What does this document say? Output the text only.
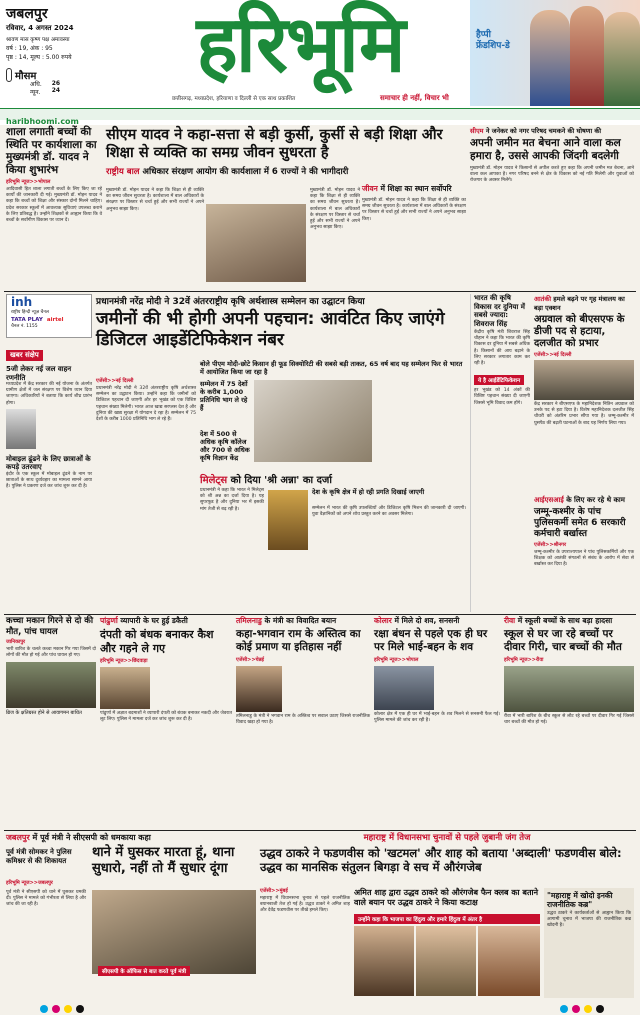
जबलपुर
रविवार, 4 अगस्त 2024
श्रावण मास कृष्ण पक्ष अमावस्या
वर्ष : 19, अंक : 95
पृष्ठ : 14, मूल्य : 5.00 रुपये
मौसम
अधि.
न्यून.
26
24
haribhoomi.com
हरिभूमि
छत्तीसगढ़, मध्यप्रदेश, हरियाणा व दिल्ली से एक साथ प्रकाशित	समाचार ही नहीं, विचार भी
हैप्पी फ्रेंडशिप-डे
शाला लगाती बच्चों की स्थिति पर कार्यशाला का मुख्यमंत्री डॉ. यादव ने किया शुभारंभ
हरिभूमि न्यूज>>भोपाल
आदिवासी हित शाला लगाती बच्चों के लिए किए जा रहे कार्यों की जानकारी दी गई। मुख्यमंत्री डॉ. मोहन यादव ने कहा कि बच्चों को शिक्षा और संस्कार दोनों मिलने चाहिए। प्रदेश सरकार स्कूलों में आवश्यक सुविधाएं उपलब्ध कराने के लिए प्रतिबद्ध है। उन्होंने शिक्षकों से आह्वान किया कि वे बच्चों के सर्वांगीण विकास पर ध्यान दें।
सीएम यादव ने कहा-सत्ता से बड़ी कुर्सी, कुर्सी से बड़ी शिक्षा और शिक्षा से व्यक्ति का समग्र जीवन सुधरता है
राष्ट्रीय बाल अधिकार संरक्षण आयोग की कार्यशाला में 6 राज्यों ने की भागीदारी
मुख्यमंत्री डॉ. मोहन यादव ने कहा कि शिक्षा से ही व्यक्ति का समग्र जीवन सुधरता है। कार्यशाला में बाल अधिकारों के संरक्षण पर विस्तार से चर्चा हुई और सभी राज्यों ने अपने अनुभव साझा किए।
मुख्यमंत्री डॉ. मोहन यादव ने कहा कि शिक्षा से ही व्यक्ति का समग्र जीवन सुधरता है। कार्यशाला में बाल अधिकारों के संरक्षण पर विस्तार से चर्चा हुई और सभी राज्यों ने अपने अनुभव साझा किए।
जीवन में शिक्षा का स्थान सर्वोपरि
मुख्यमंत्री डॉ. मोहन यादव ने कहा कि शिक्षा से ही व्यक्ति का समग्र जीवन सुधरता है। कार्यशाला में बाल अधिकारों के संरक्षण पर विस्तार से चर्चा हुई और सभी राज्यों ने अपने अनुभव साझा किए।
सीएम ने जनेकर को नगर परिषद चमकने की घोषणा की
अपनी जमीन मत बेचना आने वाला कल हमारा है, उससे आपकी जिंदगी बदलेगी
मुख्यमंत्री डॉ. मोहन यादव ने किसानों से अपील करते हुए कहा कि अपनी जमीन मत बेचना, आने वाला कल आपका है। नगर परिषद बनने से क्षेत्र के विकास को नई गति मिलेगी और युवाओं को रोजगार के अवसर मिलेंगे।
inh
राष्ट्रीय हिन्दी न्यूज़ चैनल
TATA PLAY airtel
चैनल नं. 1155
खबर संक्षेप
5जी लेकर नई जल वाहन रणनीति
मध्यप्रदेश में केंद्र सरकार की नई योजना के अंतर्गत ग्रामीण क्षेत्रों में जल संरक्षण पर विशेष ध्यान दिया जाएगा। अधिकारियों ने बताया कि कार्य शीघ्र प्रारंभ होगा।
मोबाइल ढूंढने के लिए छात्राओं के कपड़े उतरवाए
इंदौर के एक स्कूल में मोबाइल ढूंढने के नाम पर छात्राओं के साथ दुर्व्यवहार का मामला सामने आया है। पुलिस ने प्रकरण दर्ज कर जांच शुरू कर दी है।
प्रधानमंत्री नरेंद्र मोदी ने 32वें अंतरराष्ट्रीय कृषि अर्थशास्त्र सम्मेलन का उद्घाटन किया
जमीनों की भी होगी अपनी पहचान: आवंटित किए जाएंगे डिजिटल आइडेंटिफिकेशन नंबर
एजेंसी>>नई दिल्ली
प्रधानमंत्री नरेंद्र मोदी ने 32वें अंतरराष्ट्रीय कृषि अर्थशास्त्र सम्मेलन का उद्घाटन किया। उन्होंने कहा कि जमीनों को डिजिटल पहचान दी जाएगी और हर भूखंड को एक विशिष्ट पहचान संख्या मिलेगी। भारत आज खाद्य सरप्लस देश है और दुनिया की खाद्य सुरक्षा में योगदान दे रहा है। सम्मेलन में 75 देशों के करीब 1000 प्रतिनिधि भाग ले रहे हैं।
बोले पीएम मोदी-छोटे किसान ही फूड सिक्योरिटी की सबसे बड़ी ताकत, 65 वर्ष बाद यह सम्मेलन फिर से भारत में आयोजित किया जा रहा है
सम्मेलन में 75 देशों के करीब 1,000 प्रतिनिधि भाग ले रहे हैं
देश में 500 से अधिक कृषि कॉलेज और 700 से अधिक कृषि विज्ञान केंद्र
मिलेट्स को दिया 'श्री अन्ना' का दर्जा
प्रधानमंत्री ने कहा कि भारत ने मिलेट्स को श्री अन्न का दर्जा दिया है। यह सुपरफूड है और दुनिया भर में इसकी मांग तेजी से बढ़ रही है।
देश के कृषि क्षेत्र में हो रही प्रगति दिखाई जाएगी
सम्मेलन में भारत की कृषि उपलब्धियों और डिजिटल कृषि मिशन की जानकारी दी जाएगी। युवा वैज्ञानिकों को अपने शोध प्रस्तुत करने का अवसर मिलेगा।
भारत की कृषि विकास दर दुनिया में सबसे ज्यादा: शिवराज सिंह
केंद्रीय कृषि मंत्री शिवराज सिंह चौहान ने कहा कि भारत की कृषि विकास दर दुनिया में सबसे अधिक है। किसानों की आय बढ़ाने के लिए सरकार लगातार काम कर रही है।
ये है आईडेंटिफिकेशन
हर भूखंड को 14 अंकों की विशिष्ट पहचान संख्या दी जाएगी जिससे भूमि विवाद कम होंगे।
आतंकी हमले बढ़ने पर गृह मंत्रालय का बड़ा एक्शन
अग्रवाल को बीएसएफ के डीजी पद से हटाया, दलजीत को प्रभार
एजेंसी>>नई दिल्ली
केंद्र सरकार ने बीएसएफ के महानिदेशक नितिन अग्रवाल को उनके पद से हटा दिया है। विशेष महानिदेशक दलजीत सिंह चौधरी को अंतरिम प्रभार सौंपा गया है। जम्मू-कश्मीर में घुसपैठ की बढ़ती घटनाओं के बाद यह निर्णय लिया गया।
आईएसआई के लिए कर रहे थे काम
जम्मू-कश्मीर के पांच पुलिसकर्मी समेत 6 सरकारी कर्मचारी बर्खास्त
एजेंसी>>श्रीनगर
जम्मू-कश्मीर के उपराज्यपाल ने पांच पुलिसकर्मियों और एक शिक्षक को आतंकी संगठनों से संबंध के आरोप में सेवा से बर्खास्त कर दिया है।
कच्चा मकान गिरने से दो की मौत, पांच घायल
जानिकापुर
भारी बारिश के चलते कच्चा मकान गिर गया जिसमें दो लोगों की मौत हो गई और पांच घायल हो गए।
ब्रिज के क्षतिग्रस्त होने से आवागमन बाधित
पांढुर्णा व्यापारी के घर हुई डकैती
दंपती को बंधक बनाकर कैश और गहने ले गए
हरिभूमि न्यूज>>छिंदवाड़ा
पांढुर्णा में अज्ञात बदमाशों ने व्यापारी दंपती को बंधक बनाकर नकदी और जेवरात लूट लिए। पुलिस ने मामला दर्ज कर जांच शुरू कर दी है।
तमिलनाडु के मंत्री का विवादित बयान
कहा-भगवान राम के अस्तित्व का कोई प्रमाण या इतिहास नहीं
एजेंसी>>चेन्नई
तमिलनाडु के मंत्री ने भगवान राम के अस्तित्व पर सवाल उठाए जिससे राजनीतिक विवाद खड़ा हो गया है।
कोलार में मिले दो शव, सनसनी
रक्षा बंधन से पहले एक ही घर पर मिले भाई-बहन के शव
हरिभूमि न्यूज>>भोपाल
कोलार क्षेत्र में एक ही घर में भाई-बहन के शव मिलने से सनसनी फैल गई। पुलिस मामले की जांच कर रही है।
रीवा में स्कूली बच्चों के साथ बड़ा हादसा
स्कूल से घर जा रहे बच्चों पर दीवार गिरी, चार बच्चों की मौत
हरिभूमि न्यूज>>रीवा
रीवा में भारी बारिश के बीच स्कूल से लौट रहे बच्चों पर दीवार गिर गई जिससे चार बच्चों की मौत हो गई।
जबलपुर में पूर्व मंत्री ने सीएसपी को धमकाया कहा
थाने में घुसकर मारता हूं, थाना सुधारो, नहीं तो मैं सुधार दूंगा
पूर्व मंत्री सोमकर ने पुलिस कमिश्नर से की शिकायत
हरिभूमि न्यूज>>जबलपुर
पूर्व मंत्री ने सीएसपी को थाने में घुसकर धमकी दी। पुलिस ने मामले को गंभीरता से लिया है और जांच की जा रही है।
सीएसपी के ऑफिस से बात करते पूर्व मंत्री
महाराष्ट्र में विधानसभा चुनावों से पहले जुबानी जंग तेज
उद्धव ठाकरे ने फडणवीस को 'खटमल' और शाह को बताया 'अब्दाली' फडणवीस बोले: उद्धव का मानसिक संतुलन बिगड़ा वे सच में औरंगजेब
एजेंसी>>मुंबई
महाराष्ट्र में विधानसभा चुनाव से पहले राजनीतिक बयानबाजी तेज हो गई है। उद्धव ठाकरे ने अमित शाह और देवेंद्र फडणवीस पर तीखे हमले किए।
अमित शाह द्वारा उद्धव ठाकरे को औरंगजेब फैन क्लब का बताने वाले बयान पर उद्धव ठाकरे ने किया कटाक्ष
उन्होंने कहा कि भाजपा का हिंदुत्व और हमारे हिंदुत्व में अंतर है
"महाराष्ट्र में खोदो इनकी राजनीतिक कब्र"
उद्धव ठाकरे ने कार्यकर्ताओं से आह्वान किया कि आगामी चुनाव में भाजपा की राजनीतिक कब्र खोदनी है।
